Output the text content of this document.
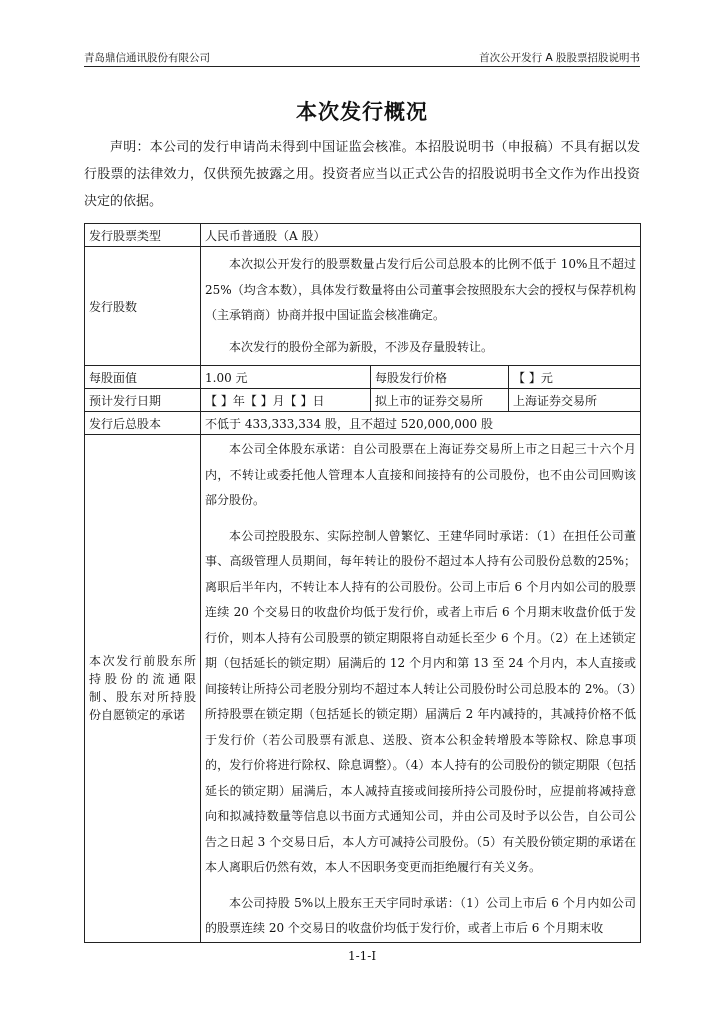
青岛鼎信通讯股份有限公司	首次公开发行 A 股股票招股说明书
本次发行概况
声明：本公司的发行申请尚未得到中国证监会核准。本招股说明书（申报稿）不具有据以发行股票的法律效力，仅供预先披露之用。投资者应当以正式公告的招股说明书全文作为作出投资决定的依据。
发行股票类型	人民币普通股（A 股）		
发行股数	本次拟公开发行的股票数量占发行后公司总股本的比例不低于 10%且不超过 25%（均含本数），具体发行数量将由公司董事会按照股东大会的授权与保荐机构（主承销商）协商并报中国证监会核准确定。

本次发行的股份全部为新股，不涉及存量股转让。		

每股面值	1.00 元	每股发行价格	【 】元
预计发行日期	【 】年【 】月【 】日	拟上市的证券交易所	上海证券交易所
发行后总股本	不低于 433,333,334 股，且不超过 520,000,000 股		

本次发行前股东所持股份的流通限制、股东对所持股份自愿锁定的承诺	本公司全体股东承诺：自公司股票在上海证券交易所上市之日起三十六个月内，不转让或委托他人管理本人直接和间接持有的公司股份，也不由公司回购该部分股份。

本公司控股股东、实际控制人曾繁忆、王建华同时承诺：（1）在担任公司董事、高级管理人员期间，每年转让的股份不超过本人持有公司股份总数的25%；离职后半年内，不转让本人持有的公司股份。公司上市后 6 个月内如公司的股票连续 20 个交易日的收盘价均低于发行价，或者上市后 6 个月期末收盘价低于发行价，则本人持有公司股票的锁定期限将自动延长至少 6 个月。（2）在上述锁定期（包括延长的锁定期）届满后的 12 个月内和第 13 至 24 个月内，本人直接或间接转让所持公司老股分别均不超过本人转让公司股份时公司总股本的 2%。（3）所持股票在锁定期（包括延长的锁定期）届满后 2 年内减持的，其减持价格不低于发行价（若公司股票有派息、送股、资本公积金转增股本等除权、除息事项的，发行价将进行除权、除息调整）。（4）本人持有的公司股份的锁定期限（包括延长的锁定期）届满后，本人减持直接或间接所持公司股份时，应提前将减持意向和拟减持数量等信息以书面方式通知公司，并由公司及时予以公告，自公司公告之日起 3 个交易日后，本人方可减持公司股份。（5）有关股份锁定期的承诺在本人离职后仍然有效，本人不因职务变更而拒绝履行有关义务。

本公司持股 5%以上股东王天宇同时承诺：（1）公司上市后 6 个月内如公司的股票连续 20 个交易日的收盘价均低于发行价，或者上市后 6 个月期末收		

1-1-I
